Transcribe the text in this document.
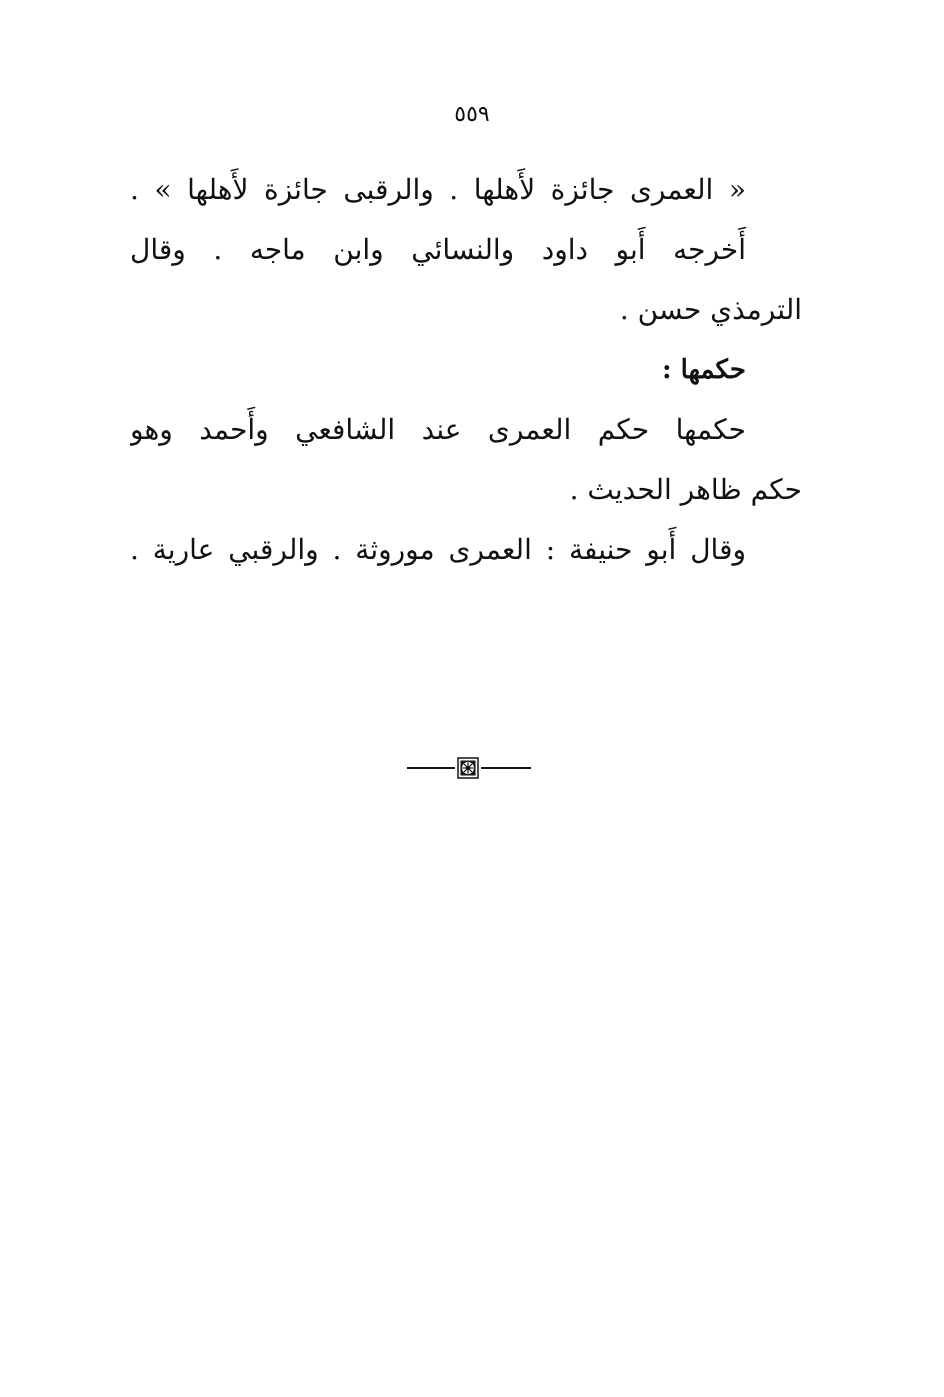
٥٥٩
« العمرى جائزة لأَهلها . والرقبى جائزة لأَهلها » .
أَخرجه أَبو داود والنسائي وابن ماجه . وقال
الترمذي حسن .
حكمها :
حكمها حكم العمرى عند الشافعي وأَحمد وهو
حكم ظاهر الحديث .
وقال أَبو حنيفة : العمرى موروثة . والرقبي عارية .
